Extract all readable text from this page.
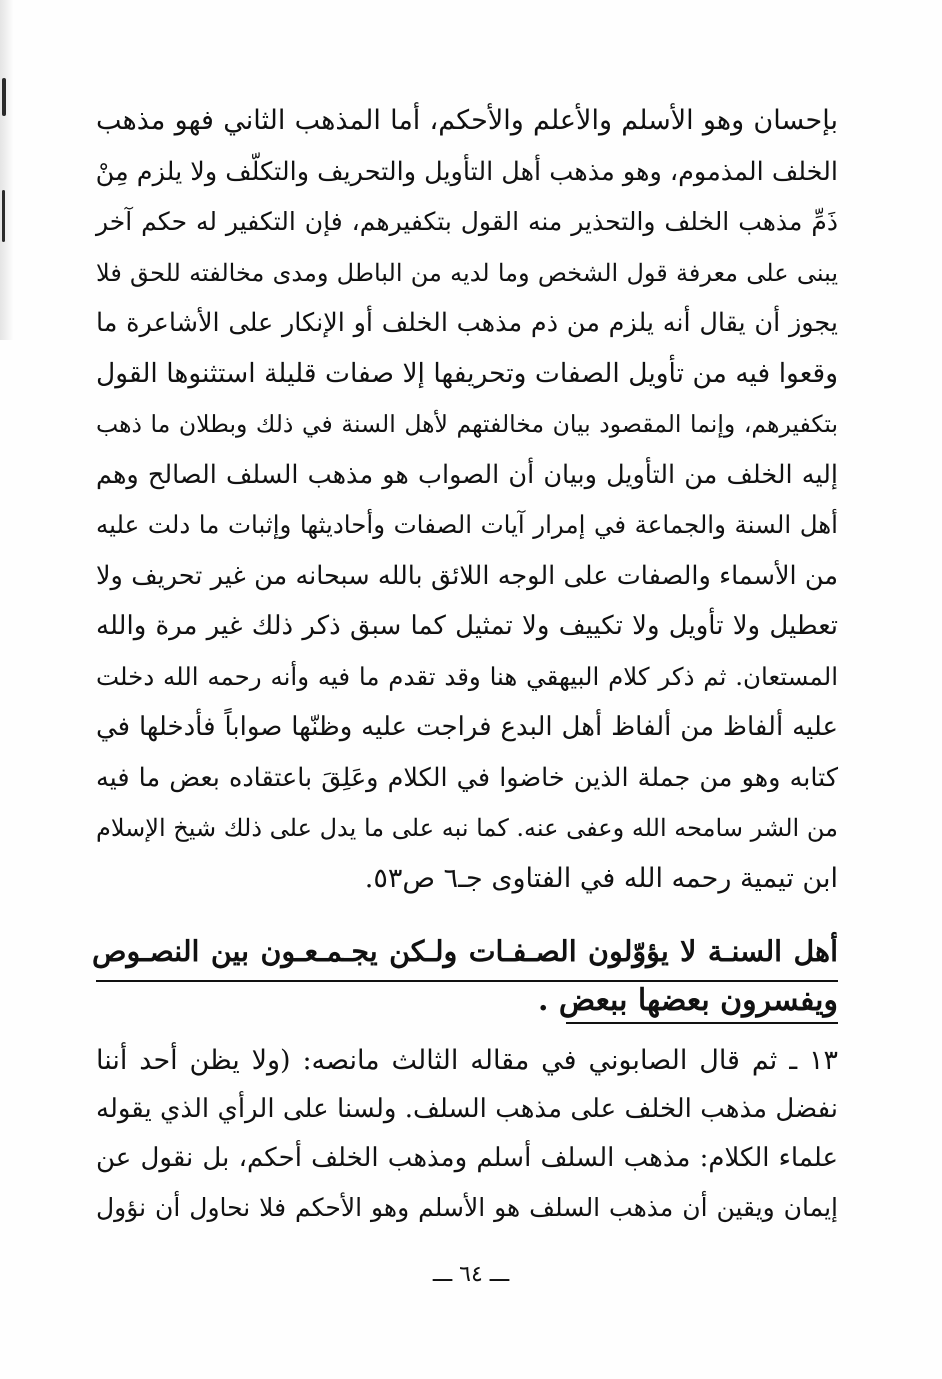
بإحسان وهو الأسلم والأعلم والأحكم، أما المذهب الثاني فهو مذهب
الخلف المذموم، وهو مذهب أهل التأويل والتحريف والتكلّف ولا يلزم مِنْ
ذَمِّ مذهب الخلف والتحذير منه القول بتكفيرهم، فإن التكفير له حكم آخر
يبنى على معرفة قول الشخص وما لديه من الباطل ومدى مخالفته للحق فلا
يجوز أن يقال أنه يلزم من ذم مذهب الخلف أو الإنكار على الأشاعرة ما
وقعوا فيه من تأويل الصفات وتحريفها إلا صفات قليلة استثنوها القول
بتكفيرهم، وإنما المقصود بيان مخالفتهم لأهل السنة في ذلك وبطلان ما ذهب
إليه الخلف من التأويل وبيان أن الصواب هو مذهب السلف الصالح وهم
أهل السنة والجماعة في إمرار آيات الصفات وأحاديثها وإثبات ما دلت عليه
من الأسماء والصفات على الوجه اللائق بالله سبحانه من غير تحريف ولا
تعطيل ولا تأويل ولا تكييف ولا تمثيل كما سبق ذكر ذلك غير مرة والله
المستعان. ثم ذكر كلام البيهقي هنا وقد تقدم ما فيه وأنه رحمه الله دخلت
عليه ألفاظ من ألفاظ أهل البدع فراجت عليه وظنّها صواباً فأدخلها في
كتابه وهو من جملة الذين خاضوا في الكلام وعَلِقَ باعتقاده بعض ما فيه
من الشر سامحه الله وعفى عنه. كما نبه على ما يدل على ذلك شيخ الإسلام
ابن تيمية رحمه الله في الفتاوى جـ٦ ص٥٣.
أهل السنـة لا يؤوّلون الصـفـات ولـكن يجـمـعـون بين النصـوص
ويفسرون بعضها ببعض .
١٣ ـ ثم قال الصابوني في مقاله الثالث مانصه: (ولا يظن أحد أننا
نفضل مذهب الخلف على مذهب السلف. ولسنا على الرأي الذي يقوله
علماء الكلام: مذهب السلف أسلم ومذهب الخلف أحكم، بل نقول عن
إيمان ويقين أن مذهب السلف هو الأسلم وهو الأحكم فلا نحاول أن نؤول
ـــ ٦٤ ـــ
